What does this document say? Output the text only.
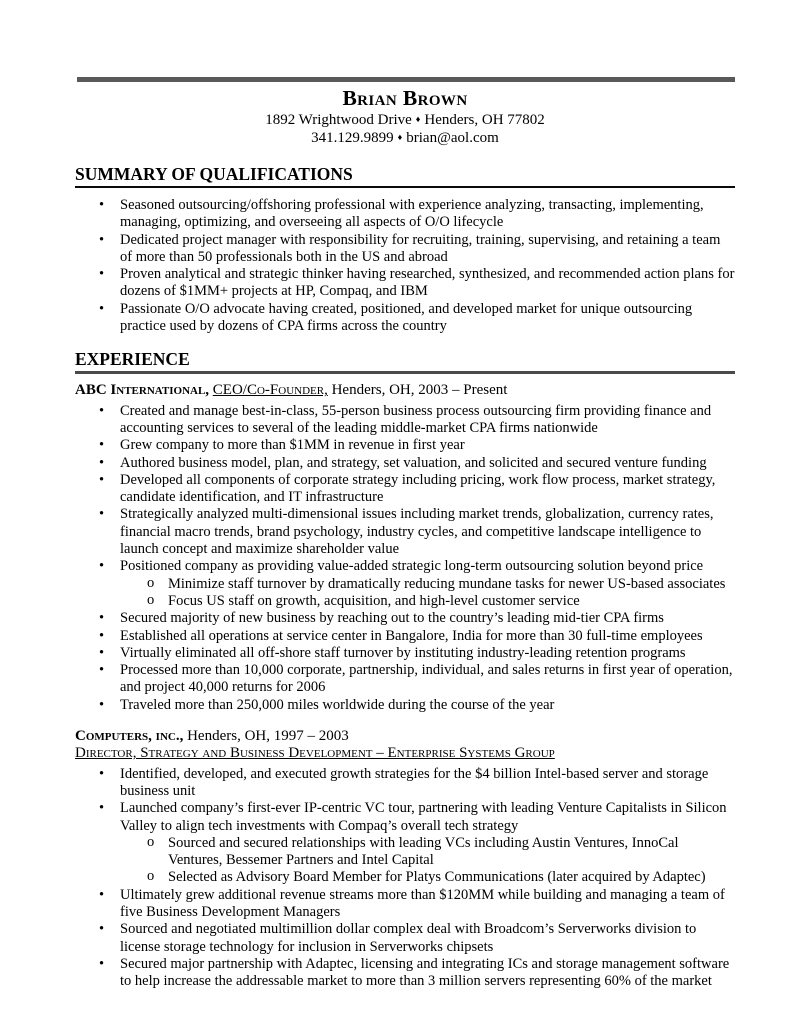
Brian Brown

1892 Wrightwood Drive ♦ Henders, OH 77802

341.129.9899 ♦ brian@aol.com

SUMMARY OF QUALIFICATIONS
• Seasoned outsourcing/offshoring professional with experience analyzing, transacting, implementing, managing, optimizing, and overseeing all aspects of O/O lifecycle
• Dedicated project manager with responsibility for recruiting, training, supervising, and retaining a team of more than 50 professionals both in the US and abroad
• Proven analytical and strategic thinker having researched, synthesized, and recommended action plans for dozens of $1MM+ projects at HP, Compaq, and IBM
• Passionate O/O advocate having created, positioned, and developed market for unique outsourcing practice used by dozens of CPA firms across the country
EXPERIENCE

ABC International, CEO/Co-Founder, Henders, OH, 2003 – Present

• Created and manage best-in-class, 55-person business process outsourcing firm providing finance and accounting services to several of the leading middle-market CPA firms nationwide
• Grew company to more than $1MM in revenue in first year
• Authored business model, plan, and strategy, set valuation, and solicited and secured venture funding
• Developed all components of corporate strategy including pricing, work flow process, market strategy, candidate identification, and IT infrastructure
• Strategically analyzed multi-dimensional issues including market trends, globalization, currency rates, financial macro trends, brand psychology, industry cycles, and competitive landscape intelligence to launch concept and maximize shareholder value
• Positioned company as providing value-added strategic long-term outsourcing solution beyond price
o Minimize staff turnover by dramatically reducing mundane tasks for newer US-based associates
o Focus US staff on growth, acquisition, and high-level customer service
• Secured majority of new business by reaching out to the country’s leading mid-tier CPA firms
• Established all operations at service center in Bangalore, India for more than 30 full-time employees
• Virtually eliminated all off-shore staff turnover by instituting industry-leading retention programs
• Processed more than 10,000 corporate, partnership, individual, and sales returns in first year of operation, and project 40,000 returns for 2006
• Traveled more than 250,000 miles worldwide during the course of the year

Computers, inc., Henders, OH, 1997 – 2003

Director, Strategy and Business Development – Enterprise Systems Group

• Identified, developed, and executed growth strategies for the $4 billion Intel-based server and storage business unit
• Launched company’s first-ever IP-centric VC tour, partnering with leading Venture Capitalists in Silicon Valley to align tech investments with Compaq’s overall tech strategy
o Sourced and secured relationships with leading VCs including Austin Ventures, InnoCal Ventures, Bessemer Partners and Intel Capital
o Selected as Advisory Board Member for Platys Communications (later acquired by Adaptec)
• Ultimately grew additional revenue streams more than $120MM while building and managing a team of five Business Development Managers
• Sourced and negotiated multimillion dollar complex deal with Broadcom’s Serverworks division to license storage technology for inclusion in Serverworks chipsets
• Secured major partnership with Adaptec, licensing and integrating ICs and storage management software to help increase the addressable market to more than 3 million servers representing 60% of the market
